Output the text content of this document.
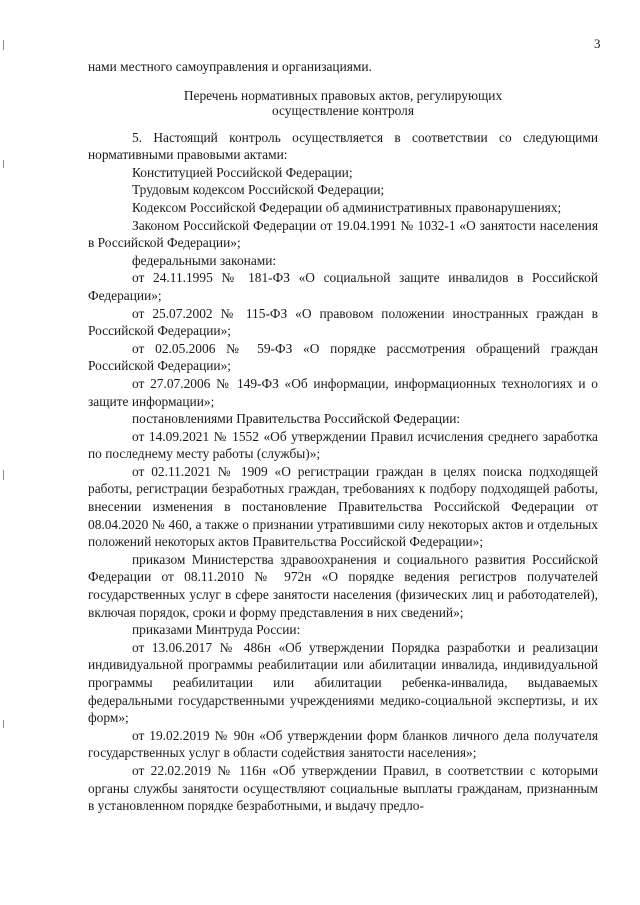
3

нами местного самоуправления и организациями.

Перечень нормативных правовых актов, регулирующих
осуществление контроля

5. Настоящий контроль осуществляется в соответствии со следующими нормативными правовыми актами:

Конституцией Российской Федерации;

Трудовым кодексом Российской Федерации;

Кодексом Российской Федерации об административных правонарушениях;

Законом Российской Федерации от 19.04.1991 № 1032-1 «О занятости населения в Российской Федерации»;

федеральными законами:

от 24.11.1995 № 181-ФЗ «О социальной защите инвалидов в Российской Федерации»;

от 25.07.2002 № 115-ФЗ «О правовом положении иностранных граждан в Российской Федерации»;

от 02.05.2006 № 59-ФЗ «О порядке рассмотрения обращений граждан Российской Федерации»;

от 27.07.2006 № 149-ФЗ «Об информации, информационных технологиях и о защите информации»;

постановлениями Правительства Российской Федерации:

от 14.09.2021 № 1552 «Об утверждении Правил исчисления среднего заработка по последнему месту работы (службы)»;

от 02.11.2021 № 1909 «О регистрации граждан в целях поиска подходящей работы, регистрации безработных граждан, требованиях к подбору подходящей работы, внесении изменения в постановление Правительства Российской Федерации от 08.04.2020 № 460, а также о признании утратившими силу некоторых актов и отдельных положений некоторых актов Правительства Российской Федерации»;

приказом Министерства здравоохранения и социального развития Российской Федерации от 08.11.2010 № 972н «О порядке ведения регистров получателей государственных услуг в сфере занятости населения (физических лиц и работодателей), включая порядок, сроки и форму представления в них сведений»;

приказами Минтруда России:

от 13.06.2017 № 486н «Об утверждении Порядка разработки и реализации индивидуальной программы реабилитации или абилитации инвалида, индивидуальной программы реабилитации или абилитации ребенка-инвалида, выдаваемых федеральными государственными учреждениями медико-социальной экспертизы, и их форм»;

от 19.02.2019 № 90н «Об утверждении форм бланков личного дела получателя государственных услуг в области содействия занятости населения»;

от 22.02.2019 № 116н «Об утверждении Правил, в соответствии с которыми органы службы занятости осуществляют социальные выплаты гражданам, признанным в установленном порядке безработными, и выдачу предло-
